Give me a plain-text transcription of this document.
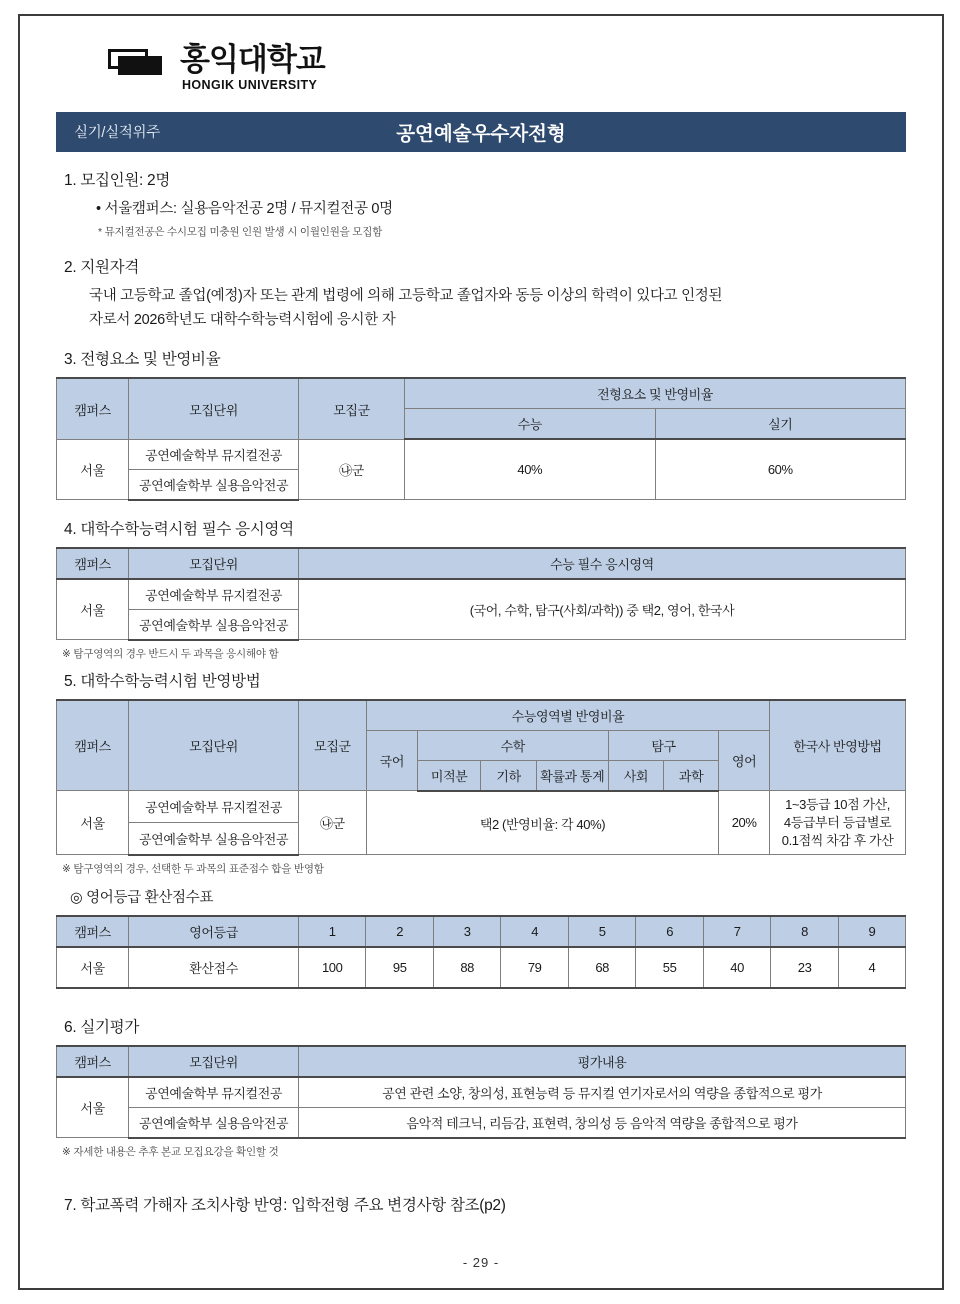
홍익대학교
HONGIK UNIVERSITY
실기/실적위주	공연예술우수자전형
1. 모집인원: 2명
• 서울캠퍼스: 실용음악전공 2명 / 뮤지컬전공 0명
* 뮤지컬전공은 수시모집 미충원 인원 발생 시 이월인원을 모집함
2. 지원자격
국내 고등학교 졸업(예정)자 또는 관계 법령에 의해 고등학교 졸업자와 동등 이상의 학력이 있다고 인정된
자로서 2026학년도 대학수학능력시험에 응시한 자
3. 전형요소 및 반영비율
캠퍼스	모집단위	모집군	전형요소 및 반영비율	
			수능	실기
서울	공연예술학부 뮤지컬전공	㉯군	40%	60%
	공연예술학부 실용음악전공			
4. 대학수학능력시험 필수 응시영역
캠퍼스	모집단위	수능 필수 응시영역
서울	공연예술학부 뮤지컬전공	(국어, 수학, 탐구(사회/과학)) 중 택2, 영어, 한국사
	공연예술학부 실용음악전공	
※ 탐구영역의 경우 반드시 두 과목을 응시해야 함
5. 대학수학능력시험 반영방법
캠퍼스	모집단위	모집군	수능영역별 반영비율							한국사 반영방법
			국어	수학			탐구		영어	
				미적분	기하	확률과 통계	사회	과학		
서울	공연예술학부 뮤지컬전공	㉯군	택2 (반영비율: 각 40%)						20%	1~3등급 10점 가산,
4등급부터 등급별로
0.1점씩 차감 후 가산
	공연예술학부 실용음악전공									
※ 탐구영역의 경우, 선택한 두 과목의 표준점수 합을 반영함
◎ 영어등급 환산점수표
캠퍼스	영어등급	1	2	3	4	5	6	7	8	9
서울	환산점수	100	95	88	79	68	55	40	23	4
6. 실기평가
캠퍼스	모집단위	평가내용
서울	공연예술학부 뮤지컬전공	공연 관련 소양, 창의성, 표현능력 등 뮤지컬 연기자로서의 역량을 종합적으로 평가
	공연예술학부 실용음악전공	음악적 테크닉, 리듬감, 표현력, 창의성 등 음악적 역량을 종합적으로 평가
※ 자세한 내용은 추후 본교 모집요강을 확인할 것
7. 학교폭력 가해자 조치사항 반영: 입학전형 주요 변경사항 참조(p2)
- 29 -
